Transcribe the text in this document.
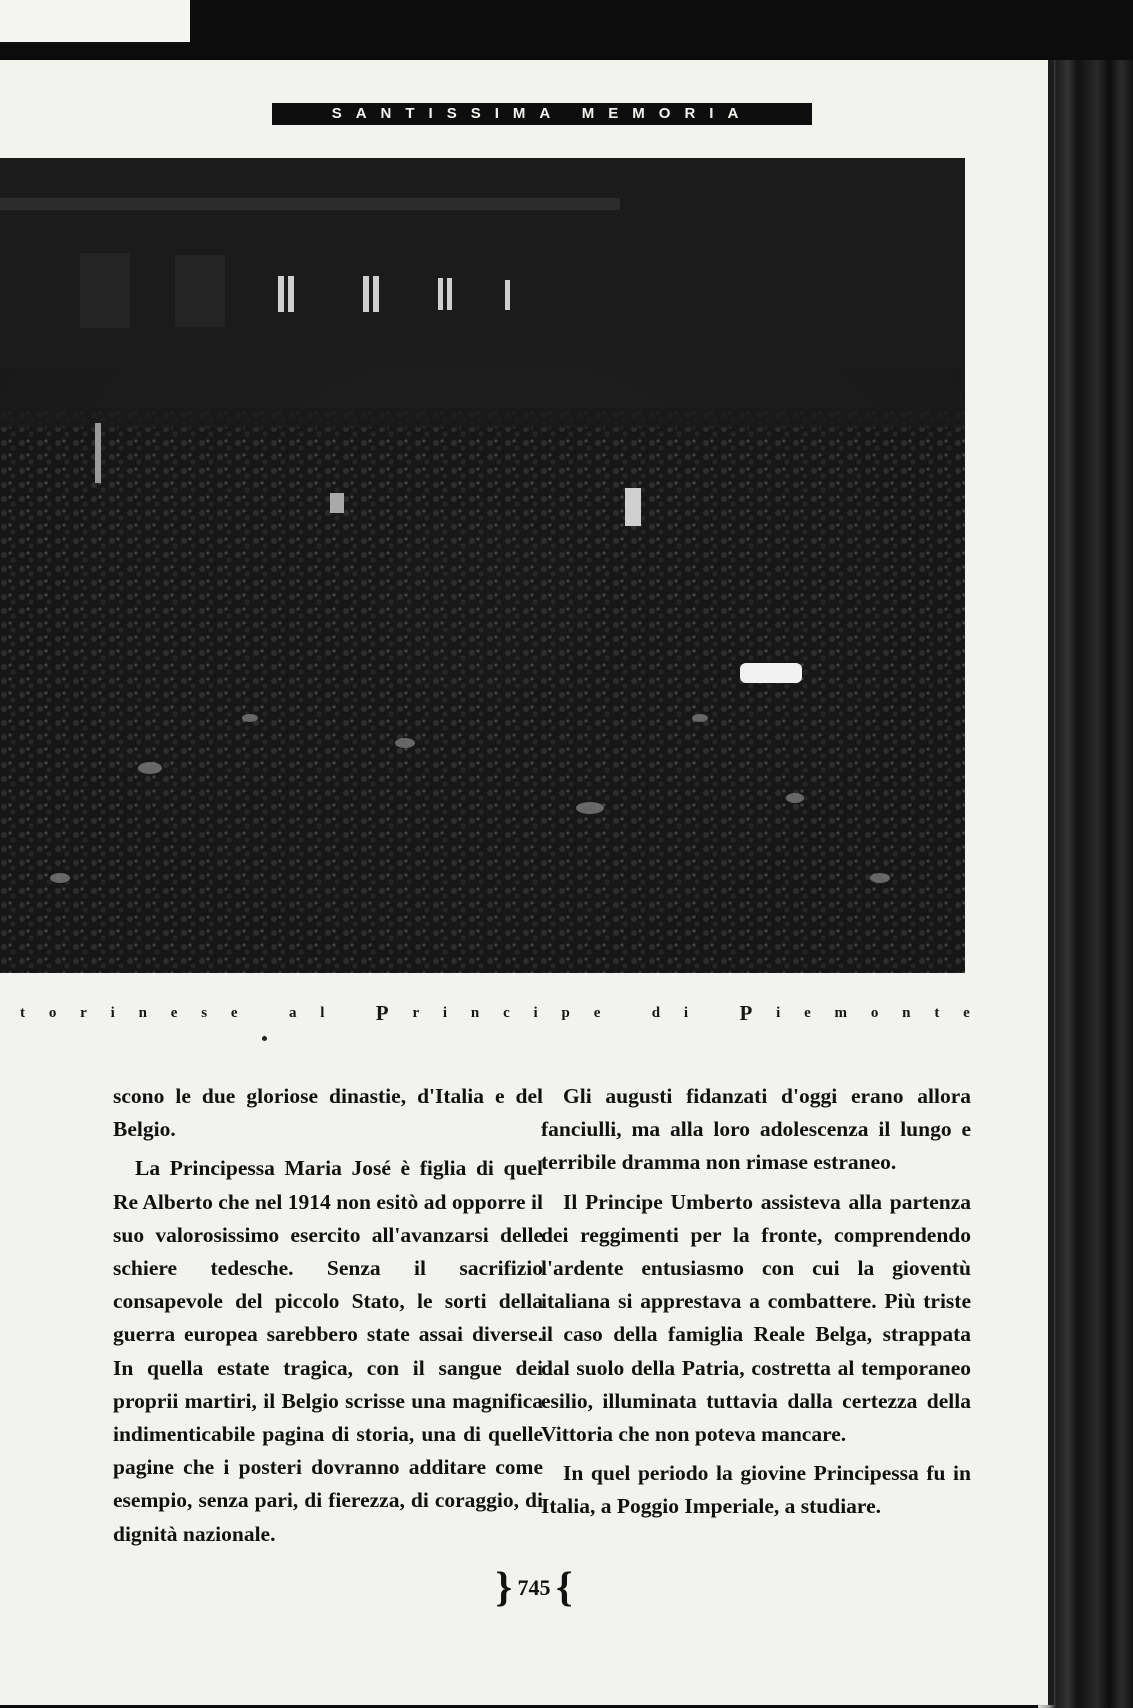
SANTISSIMA MEMORIA
t o r i n e s e
	a l
P r i n c i p e
	d i
P i e m o n t e

scono le due gloriose dinastie, d'Italia e del Belgio.

La Principessa Maria José è figlia di quel Re Alberto che nel 1914 non esitò ad opporre il suo valorosissimo esercito all'avanzarsi delle schiere tedesche. Senza il sacrifizio consapevole del piccolo Stato, le sorti della guerra europea sarebbero state assai diverse. In quella estate tragica, con il sangue dei proprii martiri, il Belgio scrisse una magnifica indimenticabile pagina di storia, una di quelle pagine che i posteri dovranno additare come esempio, senza pari, di fierezza, di coraggio, di dignità nazionale.

Gli augusti fidanzati d'oggi erano allora fanciulli, ma alla loro adolescenza il lungo e terribile dramma non rimase estraneo.

Il Principe Umberto assisteva alla partenza dei reggimenti per la fronte, comprendendo l'ardente entusiasmo con cui la gioventù italiana si apprestava a combattere. Più triste il caso della famiglia Reale Belga, strappata dal suolo della Patria, costretta al temporaneo esilio, illuminata tuttavia dalla certezza della Vittoria che non poteva mancare.

In quel periodo la giovine Principessa fu in Italia, a Poggio Imperiale, a studiare.

} 745 {
